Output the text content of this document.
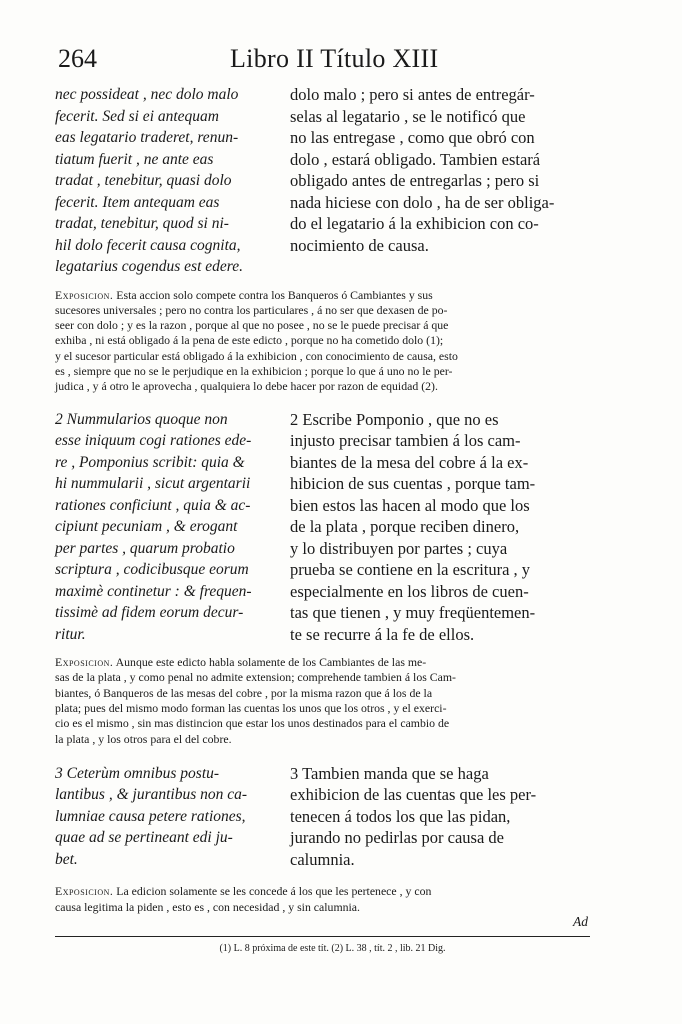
264	Libro II Título XIII
nec possideat , nec dolo malo
fecerit. Sed si ei antequam
eas legatario traderet, renun-
tiatum fuerit , ne ante eas
tradat , tenebitur, quasi dolo
fecerit. Item antequam eas
tradat, tenebitur, quod si ni-
hil dolo fecerit causa cognita,
legatarius cogendus est edere.
dolo malo ; pero si antes de entregár-
selas al legatario , se le notificó que
no las entregase , como que obró con
dolo , estará obligado. Tambien estará
obligado antes de entregarlas ; pero si
nada hiciese con dolo , ha de ser obliga-
do el legatario á la exhibicion con co-
nocimiento de causa.
Exposicion. Esta accion solo compete contra los Banqueros ó Cambiantes y sus
sucesores universales ; pero no contra los particulares , á no ser que dexasen de po-
seer con dolo ; y es la razon , porque al que no posee , no se le puede precisar á que
exhiba , ni está obligado á la pena de este edicto , porque no ha cometido dolo (1);
y el sucesor particular está obligado á la exhibicion , con conocimiento de causa, esto
es , siempre que no se le perjudique en la exhibicion ; porque lo que á uno no le per-
judica , y á otro le aprovecha , qualquiera lo debe hacer por razon de equidad (2).
2 Nummularios quoque non
esse iniquum cogi rationes ede-
re , Pomponius scribit: quia &
hi nummularii , sicut argentarii
rationes conficiunt , quia & ac-
cipiunt pecuniam , & erogant
per partes , quarum probatio
scriptura , codicibusque eorum
maximè continetur : & frequen-
tissimè ad fidem eorum decur-
ritur.
2 Escribe Pomponio , que no es
injusto precisar tambien á los cam-
biantes de la mesa del cobre á la ex-
hibicion de sus cuentas , porque tam-
bien estos las hacen al modo que los
de la plata , porque reciben dinero,
y lo distribuyen por partes ; cuya
prueba se contiene en la escritura , y
especialmente en los libros de cuen-
tas que tienen , y muy freqüentemen-
te se recurre á la fe de ellos.
Exposicion. Aunque este edicto habla solamente de los Cambiantes de las me-
sas de la plata , y como penal no admite extension; comprehende tambien á los Cam-
biantes, ó Banqueros de las mesas del cobre , por la misma razon que á los de la
plata; pues del mismo modo forman las cuentas los unos que los otros , y el exerci-
cio es el mismo , sin mas distincion que estar los unos destinados para el cambio de
la plata , y los otros para el del cobre.
3 Ceterùm omnibus postu-
lantibus , & jurantibus non ca-
lumniae causa petere rationes,
quae ad se pertineant edi ju-
bet.
3 Tambien manda que se haga
exhibicion de las cuentas que les per-
tenecen á todos los que las pidan,
jurando no pedirlas por causa de
calumnia.
Exposicion. La edicion solamente se les concede á los que les pertenece , y con
causa legitima la piden , esto es , con necesidad , y sin calumnia.
Ad
(1) L. 8 próxima de este tít. (2) L. 38 , tít. 2 , lib. 21 Dig.
